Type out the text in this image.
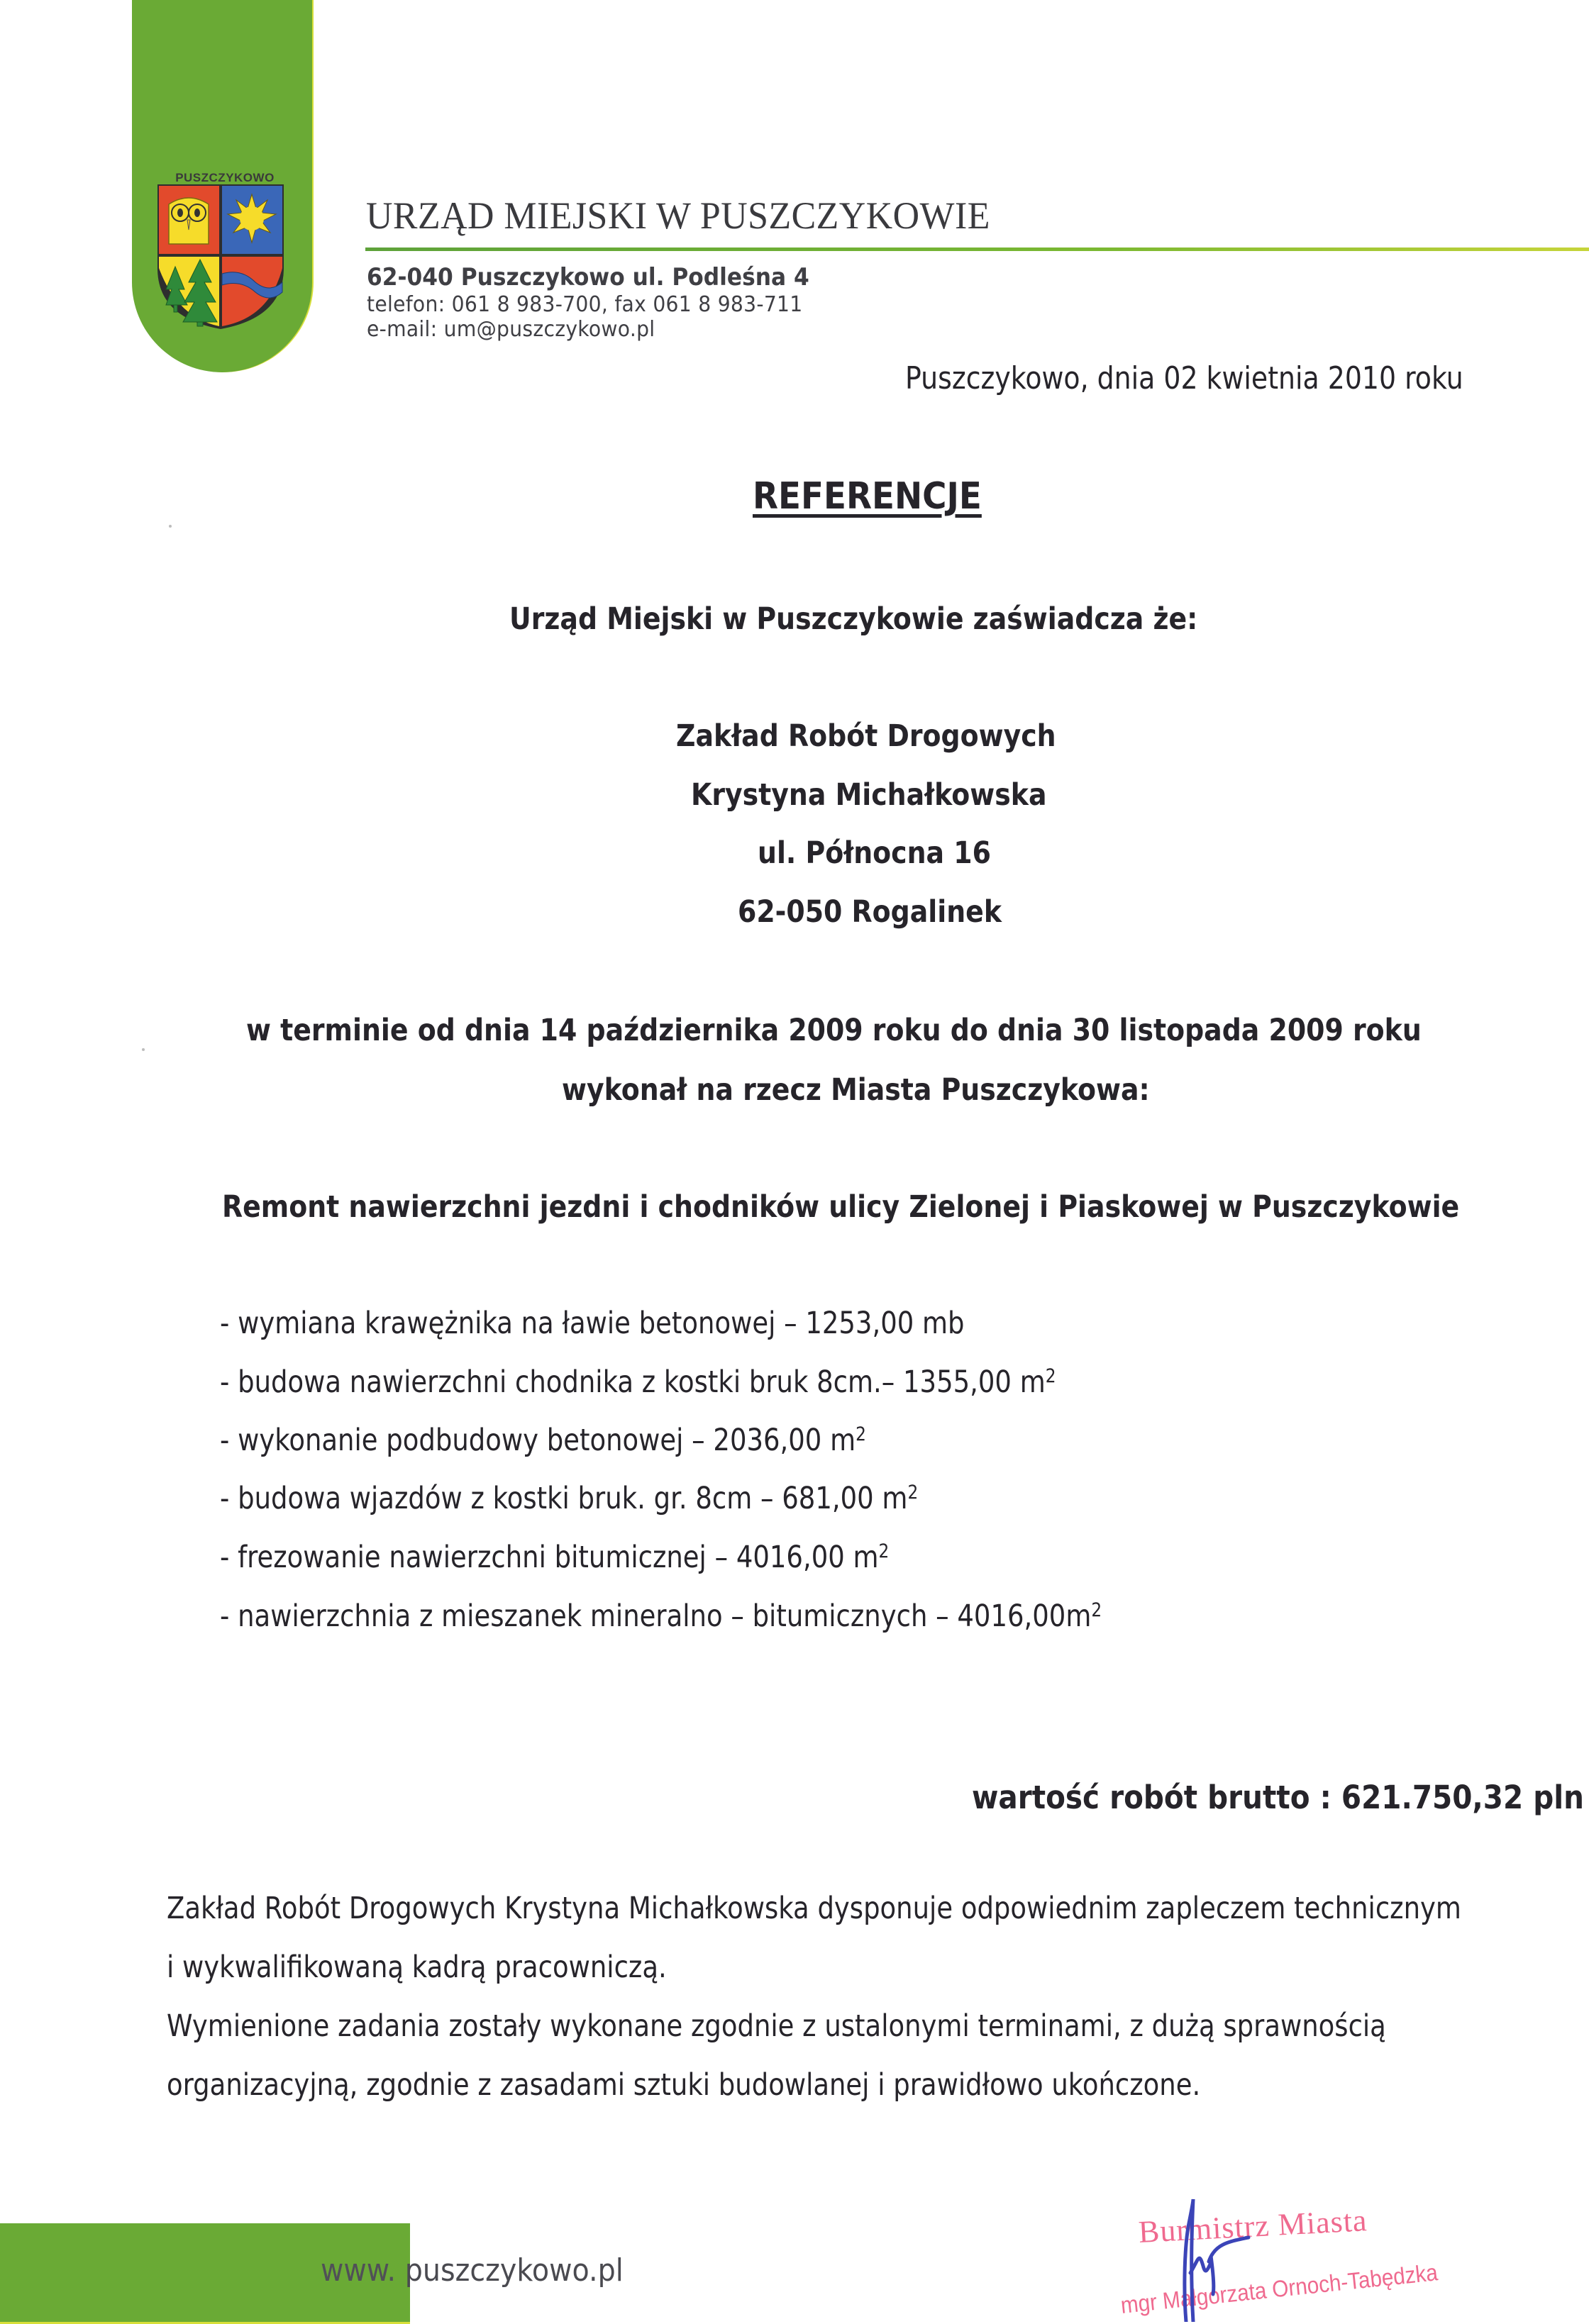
PUSZCZYKOWO
URZĄD MIEJSKI W PUSZCZYKOWIE
62-040 Puszczykowo ul. Podleśna 4
telefon: 061 8 983-700, fax 061 8 983-711
e-mail: um@puszczykowo.pl
Puszczykowo, dnia 02 kwietnia 2010 roku
REFERENCJE
Urząd Miejski w Puszczykowie zaświadcza że:
Zakład Robót Drogowych
Krystyna Michałkowska
ul. Północna 16
62-050 Rogalinek
w terminie od dnia 14 października 2009 roku do dnia 30 listopada 2009 roku
wykonał na rzecz Miasta Puszczykowa:
Remont nawierzchni jezdni i chodników ulicy Zielonej i Piaskowej w Puszczykowie
- wymiana krawężnika na ławie betonowej – 1253,00 mb
- budowa nawierzchni chodnika z kostki bruk 8cm.– 1355,00 $m^2$
- wykonanie podbudowy betonowej – 2036,00 $m^2$
- budowa wjazdów z kostki bruk. gr. 8cm – 681,00 $m^2$
- frezowanie nawierzchni bitumicznej – 4016,00 $m^2$
- nawierzchnia z mieszanek mineralno – bitumicznych – $4016,00m^2$
wartość robót brutto : 621.750,32 pln
Zakład Robót Drogowych Krystyna Michałkowska dysponuje odpowiednim zapleczem technicznym
i wykwalifikowaną kadrą pracowniczą.
Wymienione zadania zostały wykonane zgodnie z ustalonymi terminami, z dużą sprawnością
organizacyjną, zgodnie z zasadami sztuki budowlanej i prawidłowo ukończone.
www. puszczykowo.pl
Burmistrz Miasta
mgr Małgorzata Ornoch-Tabędzka
